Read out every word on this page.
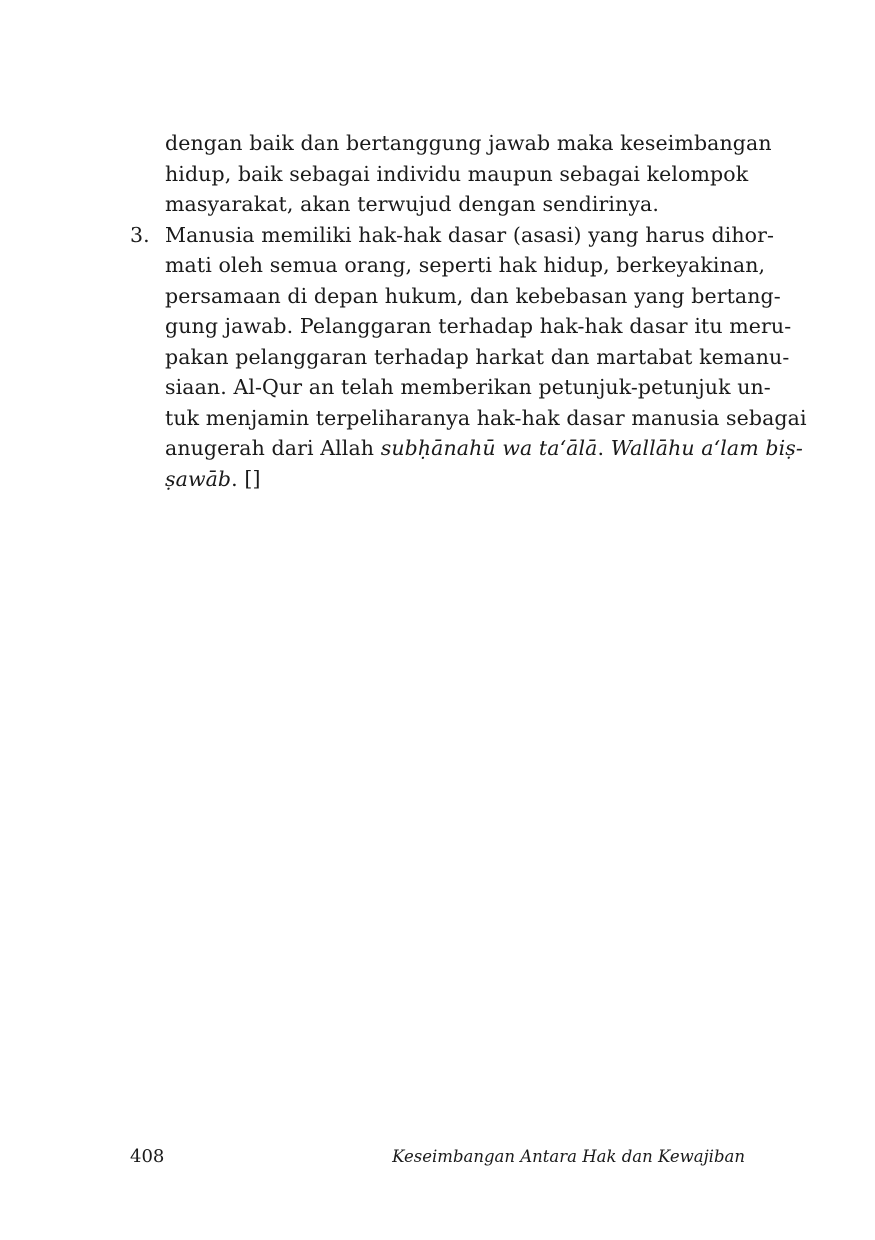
dengan baik dan bertanggung jawab maka keseimbangan
hidup, baik sebagai individu maupun sebagai kelompok
masyarakat, akan terwujud dengan sendirinya.
3. Manusia memiliki hak-hak dasar (asasi) yang harus dihor-
mati oleh semua orang, seperti hak hidup, berkeyakinan,
persamaan di depan hukum, dan kebebasan yang bertang-
gung jawab. Pelanggaran terhadap hak-hak dasar itu meru-
pakan pelanggaran terhadap harkat dan martabat kemanu-
siaan. Al-Qur an telah memberikan petunjuk-petunjuk un-
tuk menjamin terpeliharanya hak-hak dasar manusia sebagai
anugerah dari Allah subḥānahū wa ta‘ālā. Wallāhu a‘lam biṣ-
ṣawāb. []
408	Keseimbangan Antara Hak dan Kewajiban
